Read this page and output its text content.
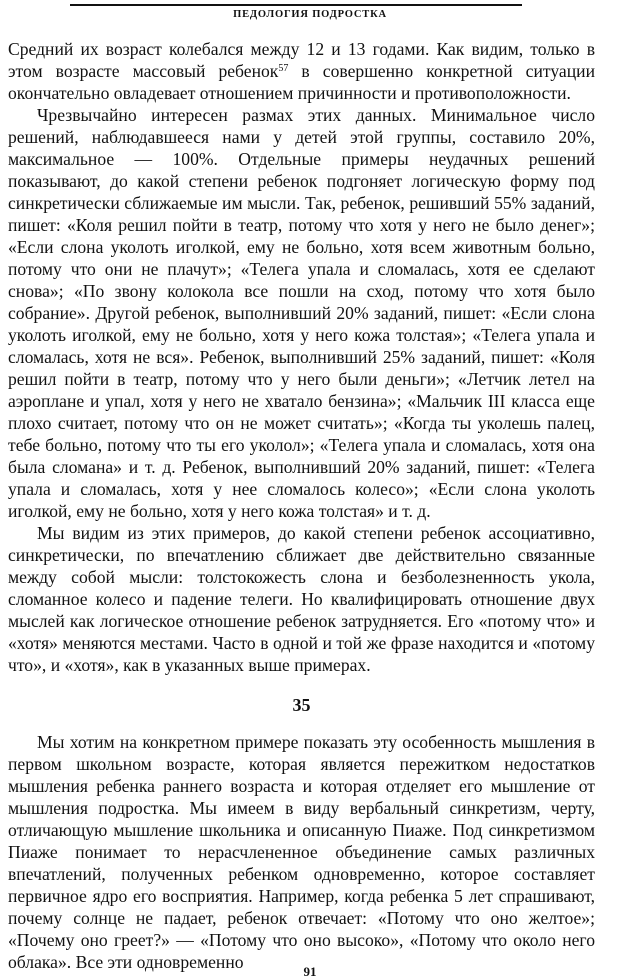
ПЕДОЛОГИЯ ПОДРОСТКА

Средний их возраст колебался между 12 и 13 годами. Как видим, только в этом возрасте массовый ребенок$^{57}$ в совершенно конкретной ситуации окончательно овладевает отношением причинности и противоположности.

Чрезвычайно интересен размах этих данных. Минимальное число решений, наблюдавшееся нами у детей этой группы, составило 20%, максимальное — 100%. Отдельные примеры неудачных решений показывают, до какой степени ребенок подгоняет логическую форму под синкретически сближаемые им мысли. Так, ребенок, решивший 55% заданий, пишет: «Коля решил пойти в театр, потому что хотя у него не было денег»; «Если слона уколоть иголкой, ему не больно, хотя всем животным больно, потому что они не плачут»; «Телега упала и сломалась, хотя ее сделают снова»; «По звону колокола все пошли на сход, потому что хотя было собрание». Другой ребенок, выполнивший 20% заданий, пишет: «Если слона уколоть иголкой, ему не больно, хотя у него кожа толстая»; «Телега упала и сломалась, хотя не вся». Ребенок, выполнивший 25% заданий, пишет: «Коля решил пойти в театр, потому что у него были деньги»; «Летчик летел на аэроплане и упал, хотя у него не хватало бензина»; «Мальчик III класса еще плохо считает, потому что он не может считать»; «Когда ты уколешь палец, тебе больно, потому что ты его уколол»; «Телега упала и сломалась, хотя она была сломана» и т. д. Ребенок, выполнивший 20% заданий, пишет: «Телега упала и сломалась, хотя у нее сломалось колесо»; «Если слона уколоть иголкой, ему не больно, хотя у него кожа толстая» и т. д.

Мы видим из этих примеров, до какой степени ребенок ассоциативно, синкретически, по впечатлению сближает две действительно связанные между собой мысли: толстокожесть слона и безболезненность укола, сломанное колесо и падение телеги. Но квалифицировать отношение двух мыслей как логическое отношение ребенок затрудняется. Его «потому что» и «хотя» меняются местами. Часто в одной и той же фразе находится и «потому что», и «хотя», как в указанных выше примерах.

35

Мы хотим на конкретном примере показать эту особенность мышления в первом школьном возрасте, которая является пережитком недостатков мышления ребенка раннего возраста и которая отделяет его мышление от мышления подростка. Мы имеем в виду вербальный синкретизм, черту, отличающую мышление школьника и описанную Пиаже. Под синкретизмом Пиаже понимает то нерасчлененное объединение самых различных впечатлений, полученных ребенком одновременно, которое составляет первичное ядро его восприятия. Например, когда ребенка 5 лет спрашивают, почему солнце не падает, ребенок отвечает: «Потому что оно желтое»; «Почему оно греет?» — «Потому что оно высоко», «Потому что около него облака». Все эти одновременно	91
